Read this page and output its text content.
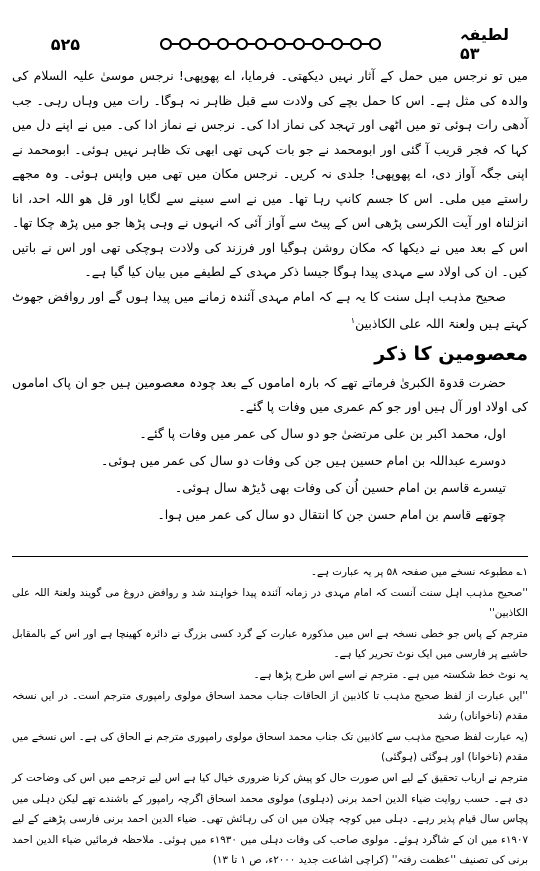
۵۲۵	لطیفہ ۵۳

میں تو نرجس میں حمل کے آثار نہیں دیکھتی۔ فرمایا، اے پھوپھی! نرجس موسیٰ علیہ السلام کی والدہ کی مثل ہے۔ اس کا حمل بچے کی ولادت سے قبل ظاہر نہ ہوگا۔ رات میں وہاں رہی۔ جب آدھی رات ہوئی تو میں اٹھی اور تہجد کی نماز ادا کی۔ نرجس نے نماز ادا کی۔ میں نے اپنے دل میں کہا کہ فجر قریب آ گئی اور ابومحمد نے جو بات کہی تھی ابھی تک ظاہر نہیں ہوئی۔ ابومحمد نے اپنی جگہ آواز دی، اے پھوپھی! جلدی نہ کریں۔ نرجس مکان میں تھی میں واپس ہوئی۔ وہ مجھے راستے میں ملی۔ اس کا جسم کانپ رہا تھا۔ میں نے اسے سینے سے لگایا اور قل ھو اللہ احد، انا انزلناہ اور آیت الکرسی پڑھی اس کے پیٹ سے آواز آئی کہ انہوں نے وہی پڑھا جو میں پڑھ چکا تھا۔ اس کے بعد میں نے دیکھا کہ مکان روشن ہوگیا اور فرزند کی ولادت ہوچکی تھی اور اس نے باتیں کیں۔ ان کی اولاد سے مہدی پیدا ہوگا جیسا ذکر مہدی کے لطیفے میں بیان کیا گیا ہے۔

صحیح مذہب اہل سنت کا یہ ہے کہ امام مہدی آئندہ زمانے میں پیدا ہوں گے اور روافض جھوٹ کہتے ہیں ولعنۃ اللہ علی الکاذبین$^۱$

معصومین کا ذکر

حضرت قدوۃ الکبریٰ فرماتے تھے کہ بارہ اماموں کے بعد چودہ معصومین ہیں جو ان پاک اماموں کی اولاد اور آل ہیں اور جو کم عمری میں وفات پا گئے۔

اول، محمد اکبر بن علی مرتضیٰ جو دو سال کی عمر میں وفات پا گئے۔

دوسرے عبداللہ بن امام حسین ہیں جن کی وفات دو سال کی عمر میں ہوئی۔

تیسرے قاسم بن امام حسین اُن کی وفات بھی ڈیڑھ سال ہوئی۔

چوتھے قاسم بن امام حسن جن کا انتقال دو سال کی عمر میں ہوا۔

۱؎ مطبوعہ نسخے میں صفحہ ۵۸ پر یہ عبارت ہے۔

''صحیح مذہب اہل سنت آنست کہ امام مہدی در زمانہ آئندہ پیدا خواہند شد و روافض دروغ می گویند ولعنۃ اللہ علی الکاذبین''

مترجم کے پاس جو خطی نسخہ ہے اس میں مذکورہ عبارت کے گرد کسی بزرگ نے دائرہ کھینچا ہے اور اس کے بالمقابل حاشیے پر فارسی میں ایک نوٹ تحریر کیا ہے۔

یہ نوٹ خط شکستہ میں ہے۔ مترجم نے اسے اس طرح پڑھا ہے۔

''ایں عبارت از لفظ صحیح مذہب تا کاذبین از الحاقات جناب محمد اسحاق مولوی رامپوری مترجم است۔ در ایں نسخہ مقدم (ناخواناں) رشد

(یہ عبارت لفظ صحیح مذہب سے کاذبین تک جناب محمد اسحاق مولوی رامپوری مترجم نے الحاق کی ہے۔ اس نسخے میں مقدم (ناخوانا) اور ہوگئی (ہوگئی)

مترجم نے ارباب تحقیق کے لیے اس صورت حال کو پیش کرنا ضروری خیال کیا ہے اس لیے ترجمے میں اس کی وضاحت کر دی ہے۔ حسب روایت ضیاء الدین احمد برنی (دہلوی) مولوی محمد اسحاق اگرچہ رامپور کے باشندے تھے لیکن دہلی میں پچاس سال قیام پذیر رہے۔ دہلی میں کوچہ چیلان میں ان کی رہائش تھی۔ ضیاء الدین احمد برنی فارسی پڑھنے کے لیے ۱۹۰۷ء میں ان کے شاگرد ہوئے۔ مولوی صاحب کی وفات دہلی میں ۱۹۳۰ء میں ہوئی۔ ملاحظہ فرمائیں ضیاء الدین احمد برنی کی تصنیف ''عظمت رفتہ'' (کراچی اشاعت جدید ۲۰۰۰ء، ص ۱ تا ۱۳)
